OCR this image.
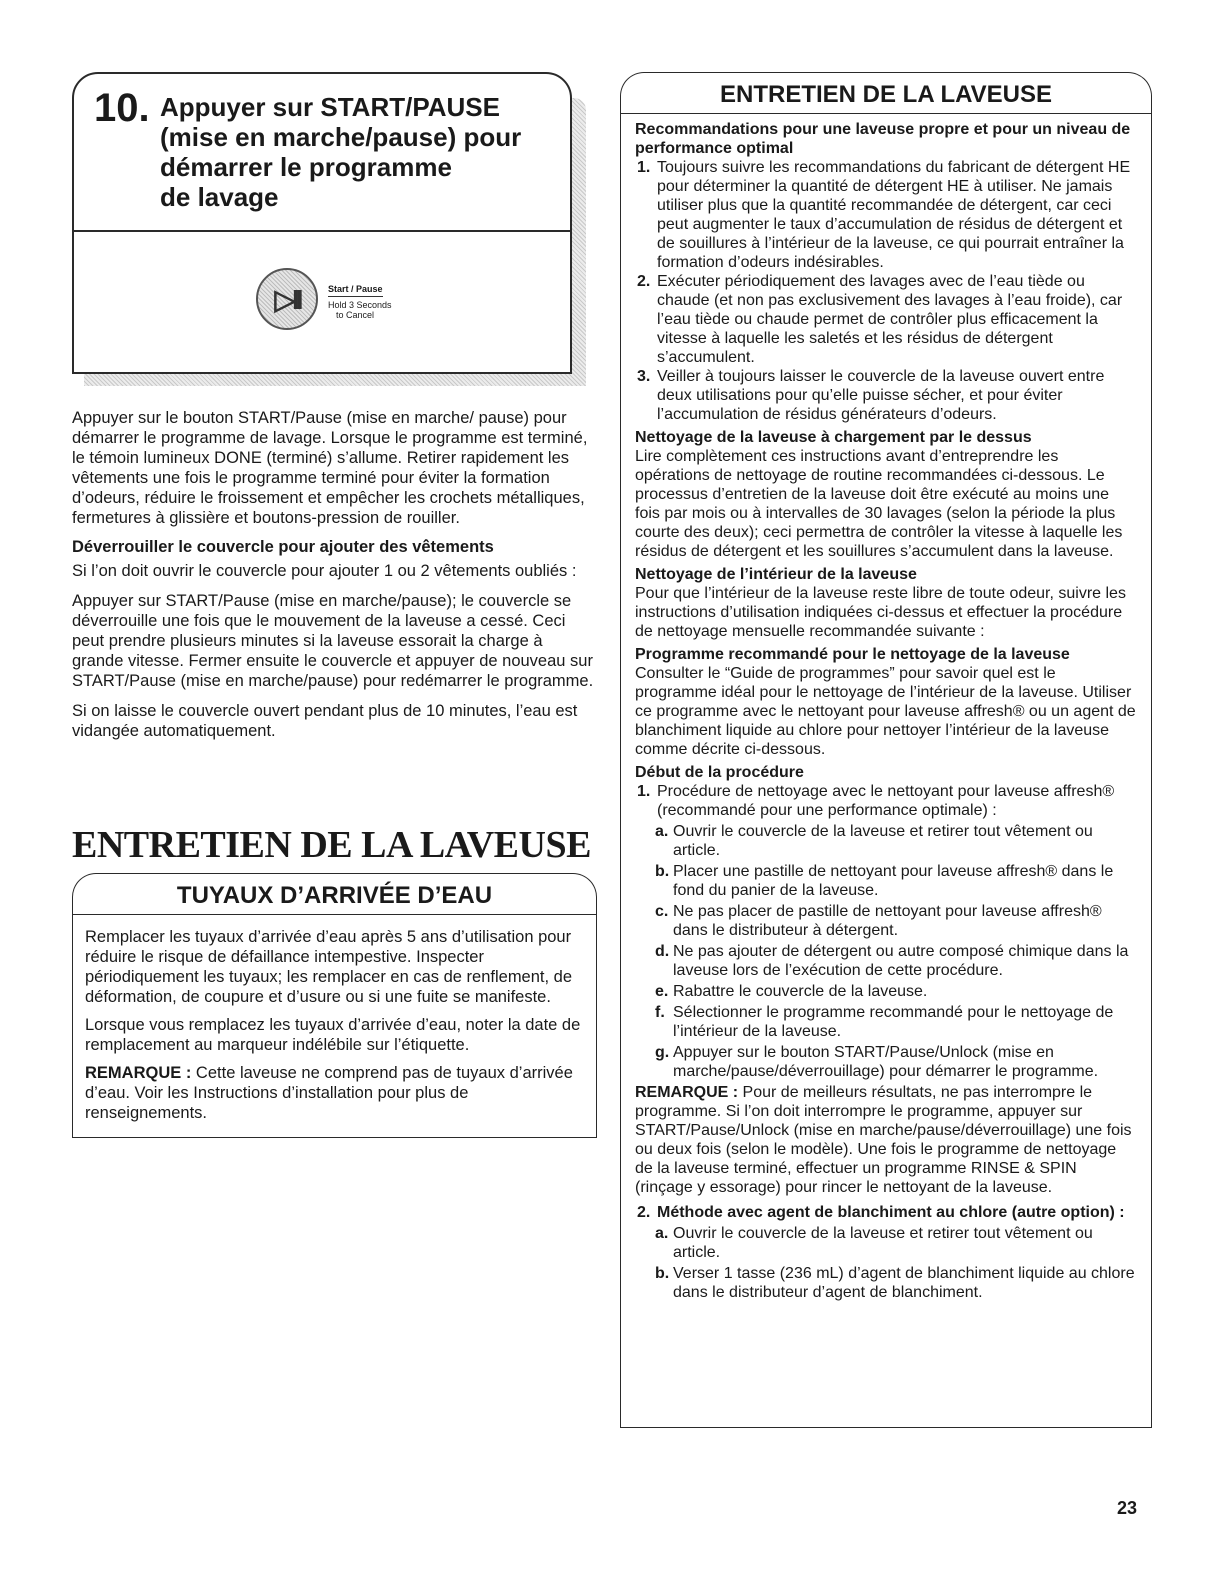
10. Appuyer sur START/PAUSE
(mise en marche/pause) pour
démarrer le programme
de lavage
▷II	Start / Pause
Hold 3 Seconds
to Cancel

Appuyer sur le bouton START/Pause (mise en marche/ pause) pour démarrer le programme de lavage. Lorsque le programme est terminé, le témoin lumineux DONE (terminé) s’allume. Retirer rapidement les vêtements une fois le programme terminé pour éviter la formation d’odeurs, réduire le froissement et empêcher les crochets métalliques, fermetures à glissière et boutons-pression de rouiller.

Déverrouiller le couvercle pour ajouter des vêtements

Si l’on doit ouvrir le couvercle pour ajouter 1 ou 2 vêtements oubliés :

Appuyer sur START/Pause (mise en marche/pause); le couvercle se déverrouille une fois que le mouvement de la laveuse a cessé. Ceci peut prendre plusieurs minutes si la laveuse essorait la charge à grande vitesse. Fermer ensuite le couvercle et appuyer de nouveau sur START/Pause (mise en marche/pause) pour redémarrer le programme.

Si on laisse le couvercle ouvert pendant plus de 10 minutes, l’eau est vidangée automatiquement.

ENTRETIEN DE LA LAVEUSE
TUYAUX D’ARRIVÉE D’EAU

Remplacer les tuyaux d’arrivée d’eau après 5 ans d’utilisation pour réduire le risque de défaillance intempestive. Inspecter périodiquement les tuyaux; les remplacer en cas de renflement, de déformation, de coupure et d’usure ou si une fuite se manifeste.

Lorsque vous remplacez les tuyaux d’arrivée d’eau, noter la date de remplacement au marqueur indélébile sur l’étiquette.

REMARQUE : Cette laveuse ne comprend pas de tuyaux d’arrivée d’eau. Voir les Instructions d’installation pour plus de renseignements.

ENTRETIEN DE LA LAVEUSE
Recommandations pour une laveuse propre et pour un niveau de performance optimal
1. Toujours suivre les recommandations du fabricant de détergent HE pour déterminer la quantité de détergent HE à utiliser. Ne jamais utiliser plus que la quantité recommandée de détergent, car ceci peut augmenter le taux d’accumulation de résidus de détergent et de souillures à l’intérieur de la laveuse, ce qui pourrait entraîner la formation d’odeurs indésirables.
2. Exécuter périodiquement des lavages avec de l’eau tiède ou chaude (et non pas exclusivement des lavages à l’eau froide), car l’eau tiède ou chaude permet de contrôler plus efficacement la vitesse à laquelle les saletés et les résidus de détergent s’accumulent.
3. Veiller à toujours laisser le couvercle de la laveuse ouvert entre deux utilisations pour qu’elle puisse sécher, et pour éviter l’accumulation de résidus générateurs d’odeurs.
Nettoyage de la laveuse à chargement par le dessus

Lire complètement ces instructions avant d’entreprendre les opérations de nettoyage de routine recommandées ci-dessous. Le processus d’entretien de la laveuse doit être exécuté au moins une fois par mois ou à intervalles de 30 lavages (selon la période la plus courte des deux); ceci permettra de contrôler la vitesse à laquelle les résidus de détergent et les souillures s’accumulent dans la laveuse.

Nettoyage de l’intérieur de la laveuse

Pour que l’intérieur de la laveuse reste libre de toute odeur, suivre les instructions d’utilisation indiquées ci-dessus et effectuer la procédure de nettoyage mensuelle recommandée suivante :

Programme recommandé pour le nettoyage de la laveuse

Consulter le “Guide de programmes” pour savoir quel est le programme idéal pour le nettoyage de l’intérieur de la laveuse. Utiliser ce programme avec le nettoyant pour laveuse affresh® ou un agent de blanchiment liquide au chlore pour nettoyer l’intérieur de la laveuse comme décrite ci-dessous.

Début de la procédure
1. Procédure de nettoyage avec le nettoyant pour laveuse affresh® (recommandé pour une performance optimale) :
a. Ouvrir le couvercle de la laveuse et retirer tout vêtement ou article.
b. Placer une pastille de nettoyant pour laveuse affresh® dans le fond du panier de la laveuse.
c. Ne pas placer de pastille de nettoyant pour laveuse affresh® dans le distributeur à détergent.
d. Ne pas ajouter de détergent ou autre composé chimique dans la laveuse lors de l’exécution de cette procédure.
e. Rabattre le couvercle de la laveuse.
f. Sélectionner le programme recommandé pour le nettoyage de l’intérieur de la laveuse.
g. Appuyer sur le bouton START/Pause/Unlock (mise en marche/pause/déverrouillage) pour démarrer le programme.

REMARQUE : Pour de meilleurs résultats, ne pas interrompre le programme. Si l’on doit interrompre le programme, appuyer sur START/Pause/Unlock (mise en marche/pause/déverrouillage) une fois ou deux fois (selon le modèle). Une fois le programme de nettoyage de la laveuse terminé, effectuer un programme RINSE & SPIN (rinçage y essorage) pour rincer le nettoyant de la laveuse.

2. Méthode avec agent de blanchiment au chlore (autre option) :
a. Ouvrir le couvercle de la laveuse et retirer tout vêtement ou article.
b. Verser 1 tasse (236 mL) d’agent de blanchiment liquide au chlore dans le distributeur d’agent de blanchiment.
23
